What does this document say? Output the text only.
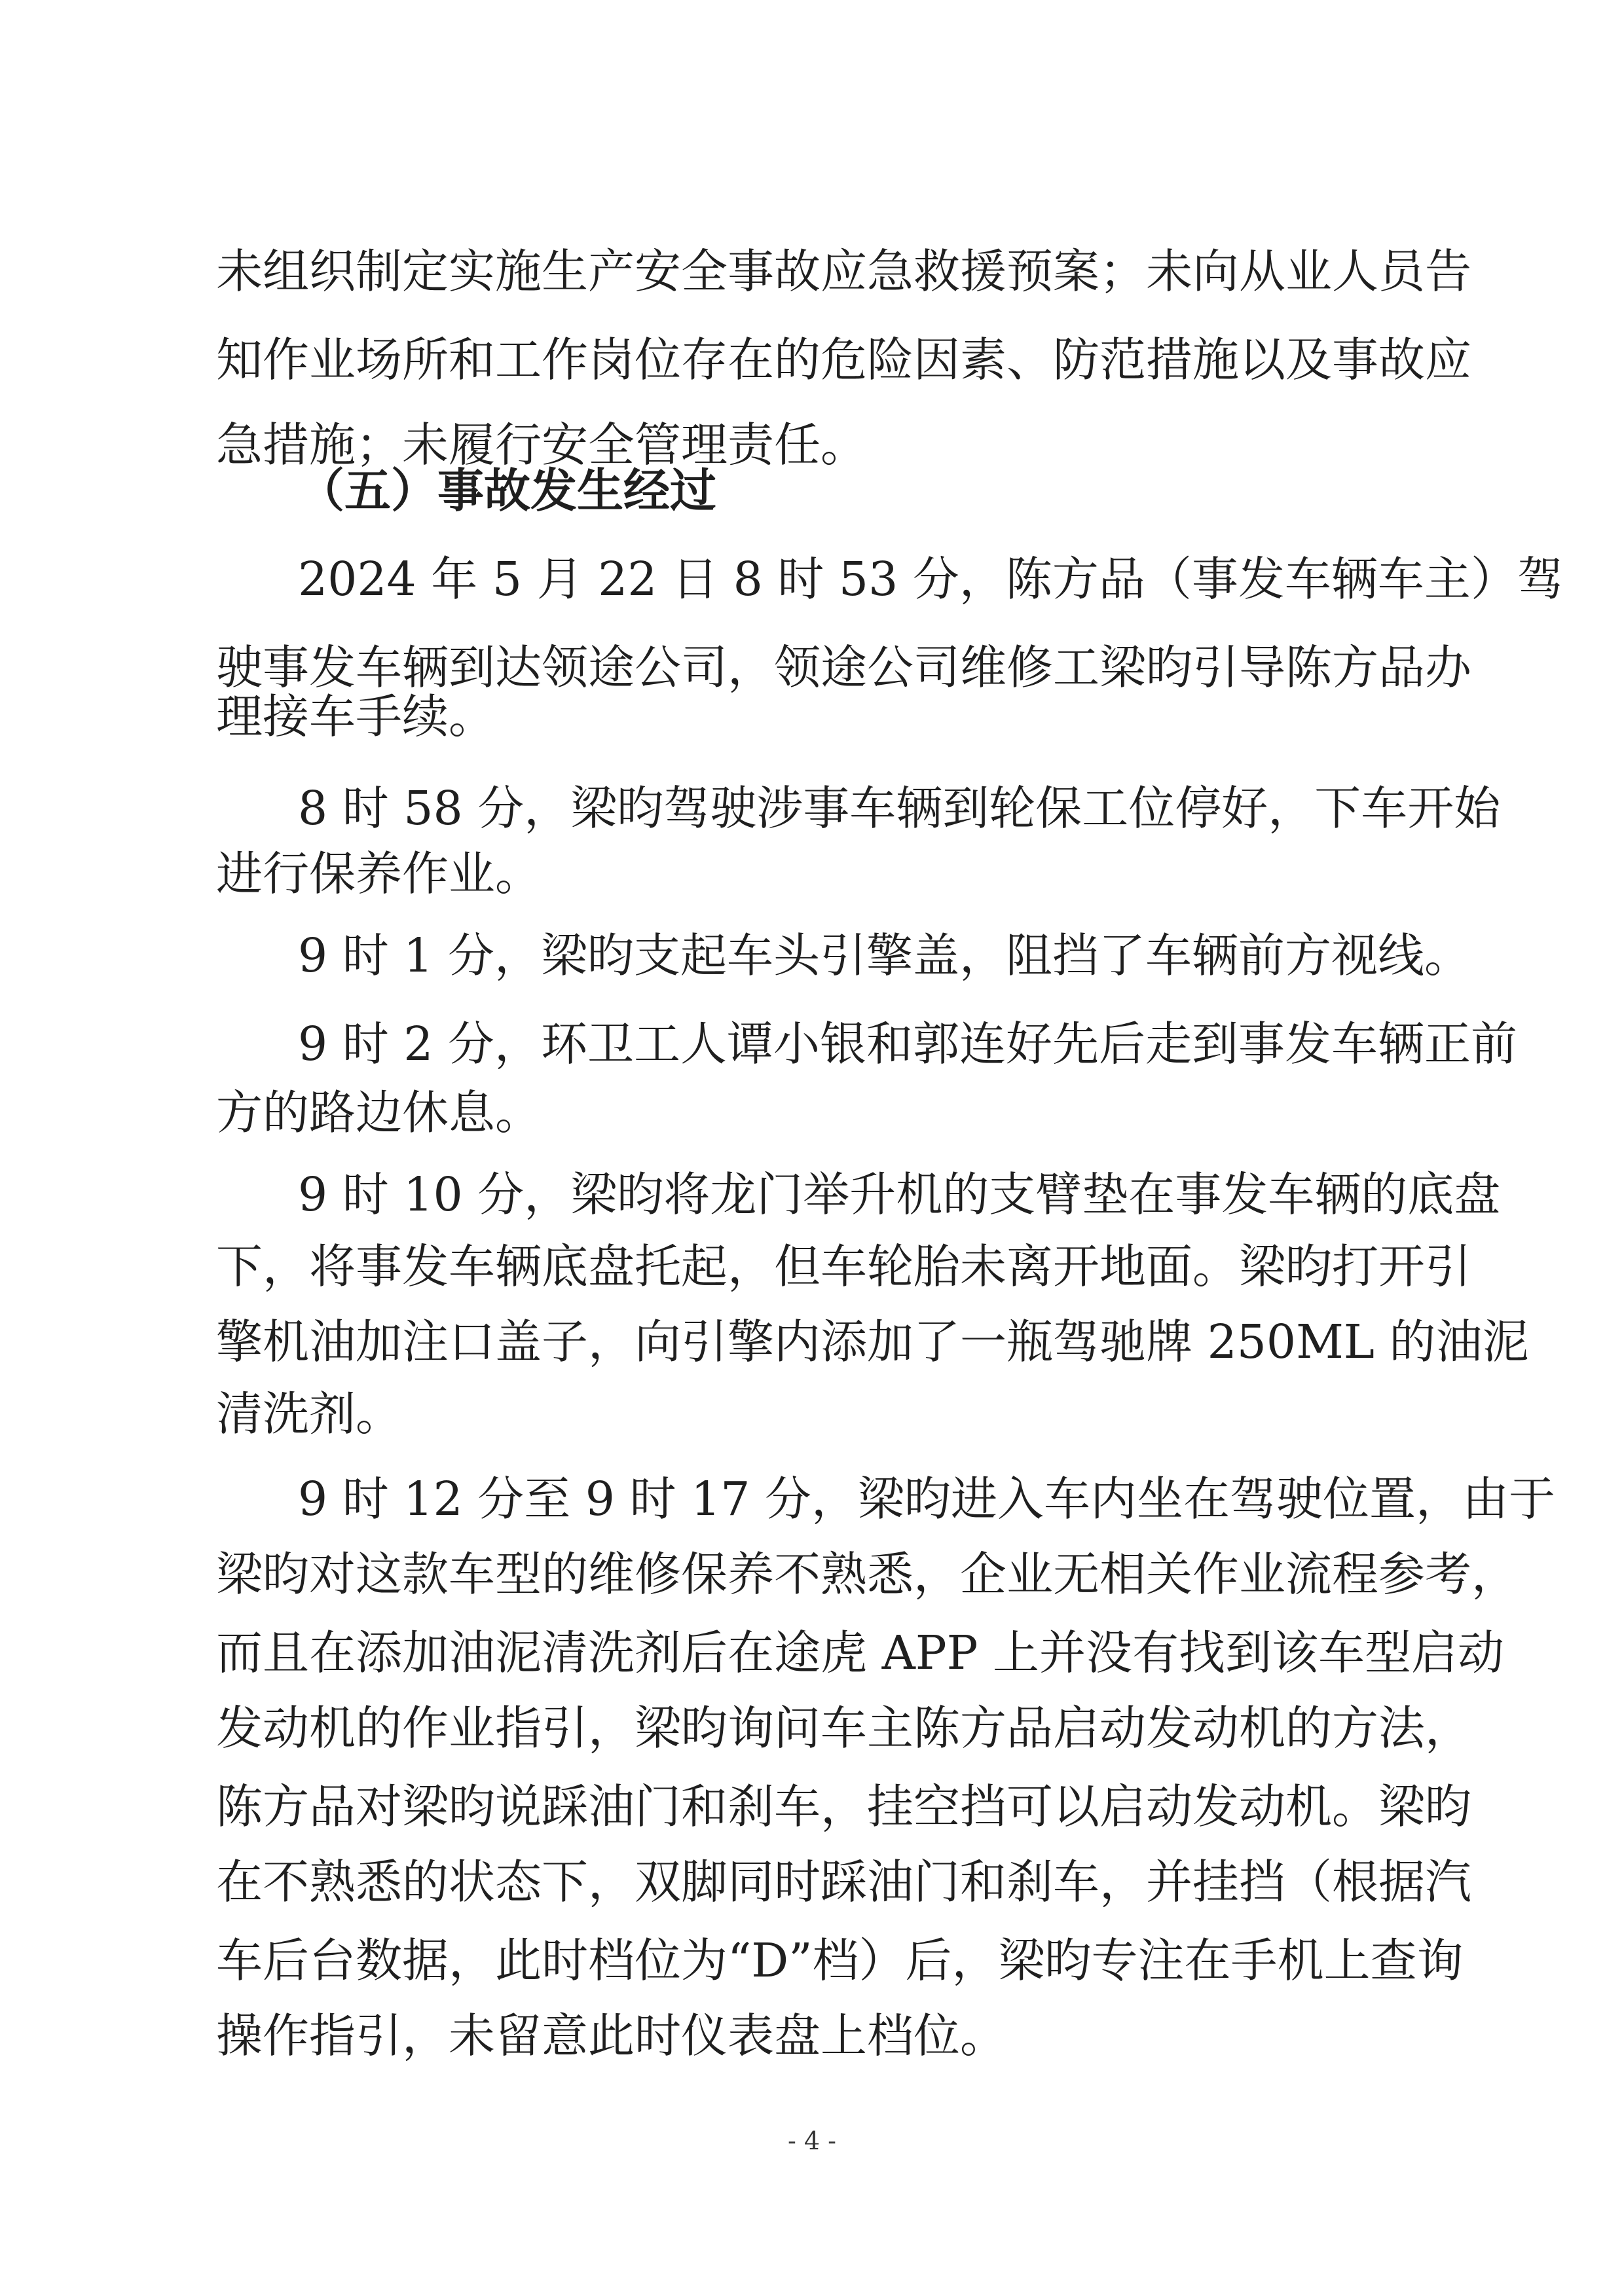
未组织制定实施生产安全事故应急救援预案；未向从业人员告
知作业场所和工作岗位存在的危险因素、防范措施以及事故应
急措施；未履行安全管理责任。
（五）事故发生经过
2024 年 5 月 22 日 8 时 53 分，陈方品（事发车辆车主）驾
驶事发车辆到达领途公司，领途公司维修工梁昀引导陈方品办
理接车手续。
8 时 58 分，梁昀驾驶涉事车辆到轮保工位停好，下车开始
进行保养作业。
9 时 1 分，梁昀支起车头引擎盖，阻挡了车辆前方视线。
9 时 2 分，环卫工人谭小银和郭连好先后走到事发车辆正前
方的路边休息。
9 时 10 分，梁昀将龙门举升机的支臂垫在事发车辆的底盘
下，将事发车辆底盘托起，但车轮胎未离开地面。梁昀打开引
擎机油加注口盖子，向引擎内添加了一瓶驾驰牌 250ML 的油泥
清洗剂。
9 时 12 分至 9 时 17 分，梁昀进入车内坐在驾驶位置，由于
梁昀对这款车型的维修保养不熟悉，企业无相关作业流程参考，
而且在添加油泥清洗剂后在途虎 APP 上并没有找到该车型启动
发动机的作业指引，梁昀询问车主陈方品启动发动机的方法，
陈方品对梁昀说踩油门和刹车，挂空挡可以启动发动机。梁昀
在不熟悉的状态下，双脚同时踩油门和刹车，并挂挡（根据汽
车后台数据，此时档位为“D”档）后，梁昀专注在手机上查询
操作指引，未留意此时仪表盘上档位。
- 4 -
